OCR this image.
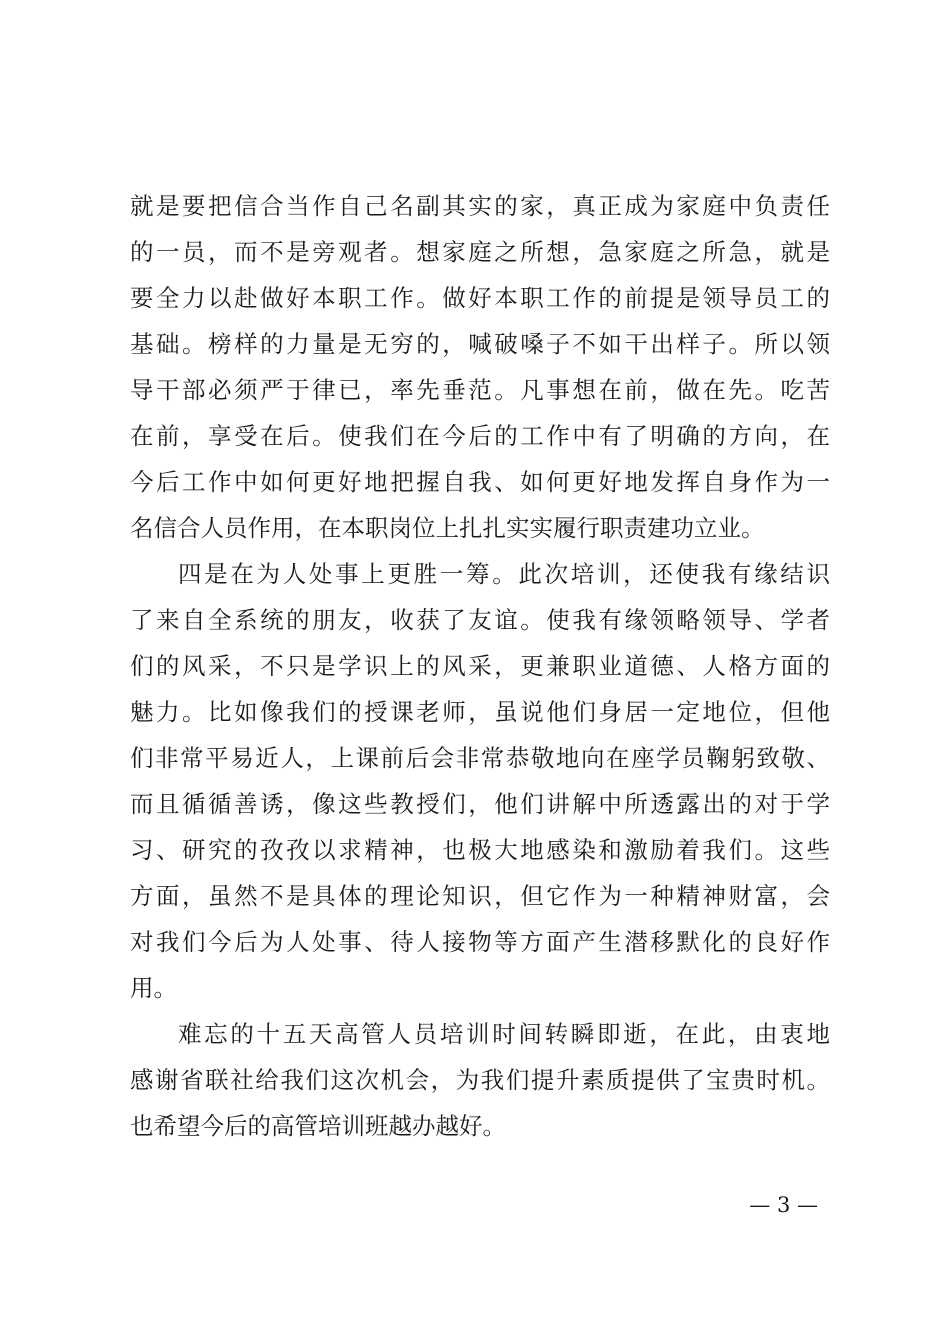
就是要把信合当作自己名副其实的家，真正成为家庭中负责任
的一员，而不是旁观者。想家庭之所想，急家庭之所急，就是
要全力以赴做好本职工作。做好本职工作的前提是领导员工的
基础。榜样的力量是无穷的，喊破嗓子不如干出样子。所以领
导干部必须严于律已，率先垂范。凡事想在前，做在先。吃苦
在前，享受在后。使我们在今后的工作中有了明确的方向，在
今后工作中如何更好地把握自我、如何更好地发挥自身作为一
名信合人员作用，在本职岗位上扎扎实实履行职责建功立业。
四是在为人处事上更胜一筹。此次培训，还使我有缘结识
了来自全系统的朋友，收获了友谊。使我有缘领略领导、学者
们的风采，不只是学识上的风采，更兼职业道德、人格方面的
魅力。比如像我们的授课老师，虽说他们身居一定地位，但他
们非常平易近人，上课前后会非常恭敬地向在座学员鞠躬致敬、
而且循循善诱，像这些教授们，他们讲解中所透露出的对于学
习、研究的孜孜以求精神，也极大地感染和激励着我们。这些
方面，虽然不是具体的理论知识，但它作为一种精神财富，会
对我们今后为人处事、待人接物等方面产生潜移默化的良好作
用。
难忘的十五天高管人员培训时间转瞬即逝，在此，由衷地
感谢省联社给我们这次机会，为我们提升素质提供了宝贵时机。
也希望今后的高管培训班越办越好。
— 3 —
